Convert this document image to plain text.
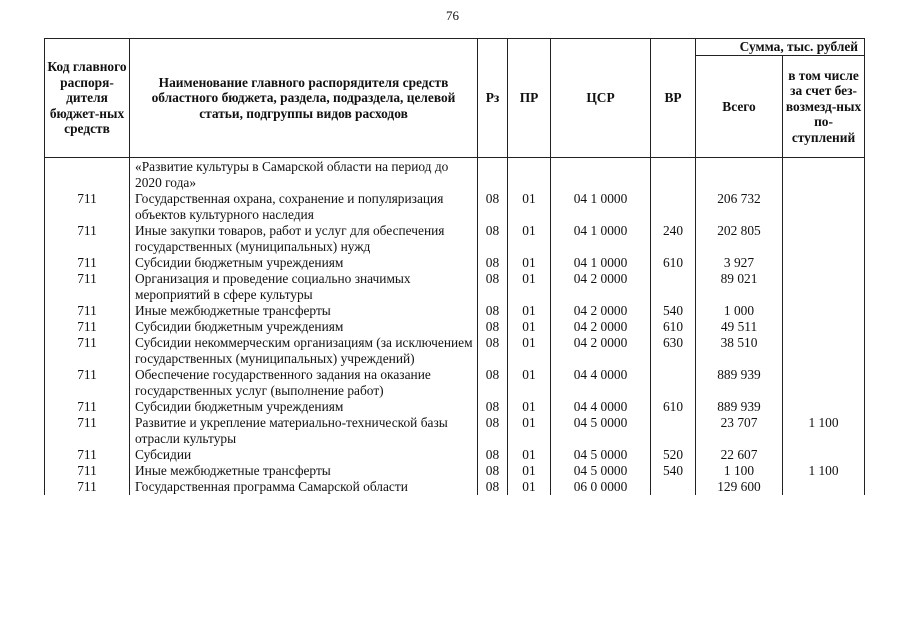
76
Код главного распоря-дителя бюджет-ных средств	Наименование главного распорядителя средств областного бюджета, раздела, подраздела, целевой статьи, подгруппы видов расходов	Рз	ПР	ЦСР	ВР	Сумма, тыс. рублей	
						Всего	в том числе за счет без-возмезд-ных по-ступлений
	«Развитие культуры в Самарской области на период до 2020 года»						
711	Государственная охрана, сохранение и популяризация объектов культурного наследия	08	01	04 1 0000		206 732	
711	Иные закупки товаров, работ и услуг для обеспечения государственных (муниципальных) нужд	08	01	04 1 0000	240	202 805	
711	Субсидии бюджетным учреждениям	08	01	04 1 0000	610	3 927	
711	Организация и проведение социально значимых мероприятий в сфере культуры	08	01	04 2 0000		89 021	
711	Иные межбюджетные трансферты	08	01	04 2 0000	540	1 000	
711	Субсидии бюджетным учреждениям	08	01	04 2 0000	610	49 511	
711	Субсидии некоммерческим организациям (за исключением государственных (муниципальных) учреждений)	08	01	04 2 0000	630	38 510	
711	Обеспечение государственного задания на оказание государственных услуг (выполнение работ)	08	01	04 4 0000		889 939	
711	Субсидии бюджетным учреждениям	08	01	04 4 0000	610	889 939	
711	Развитие и укрепление материально-технической базы отрасли культуры	08	01	04 5 0000		23 707	1 100
711	Субсидии	08	01	04 5 0000	520	22 607	
711	Иные межбюджетные трансферты	08	01	04 5 0000	540	1 100	1 100
711	Государственная программа Самарской области	08	01	06 0 0000		129 600	
